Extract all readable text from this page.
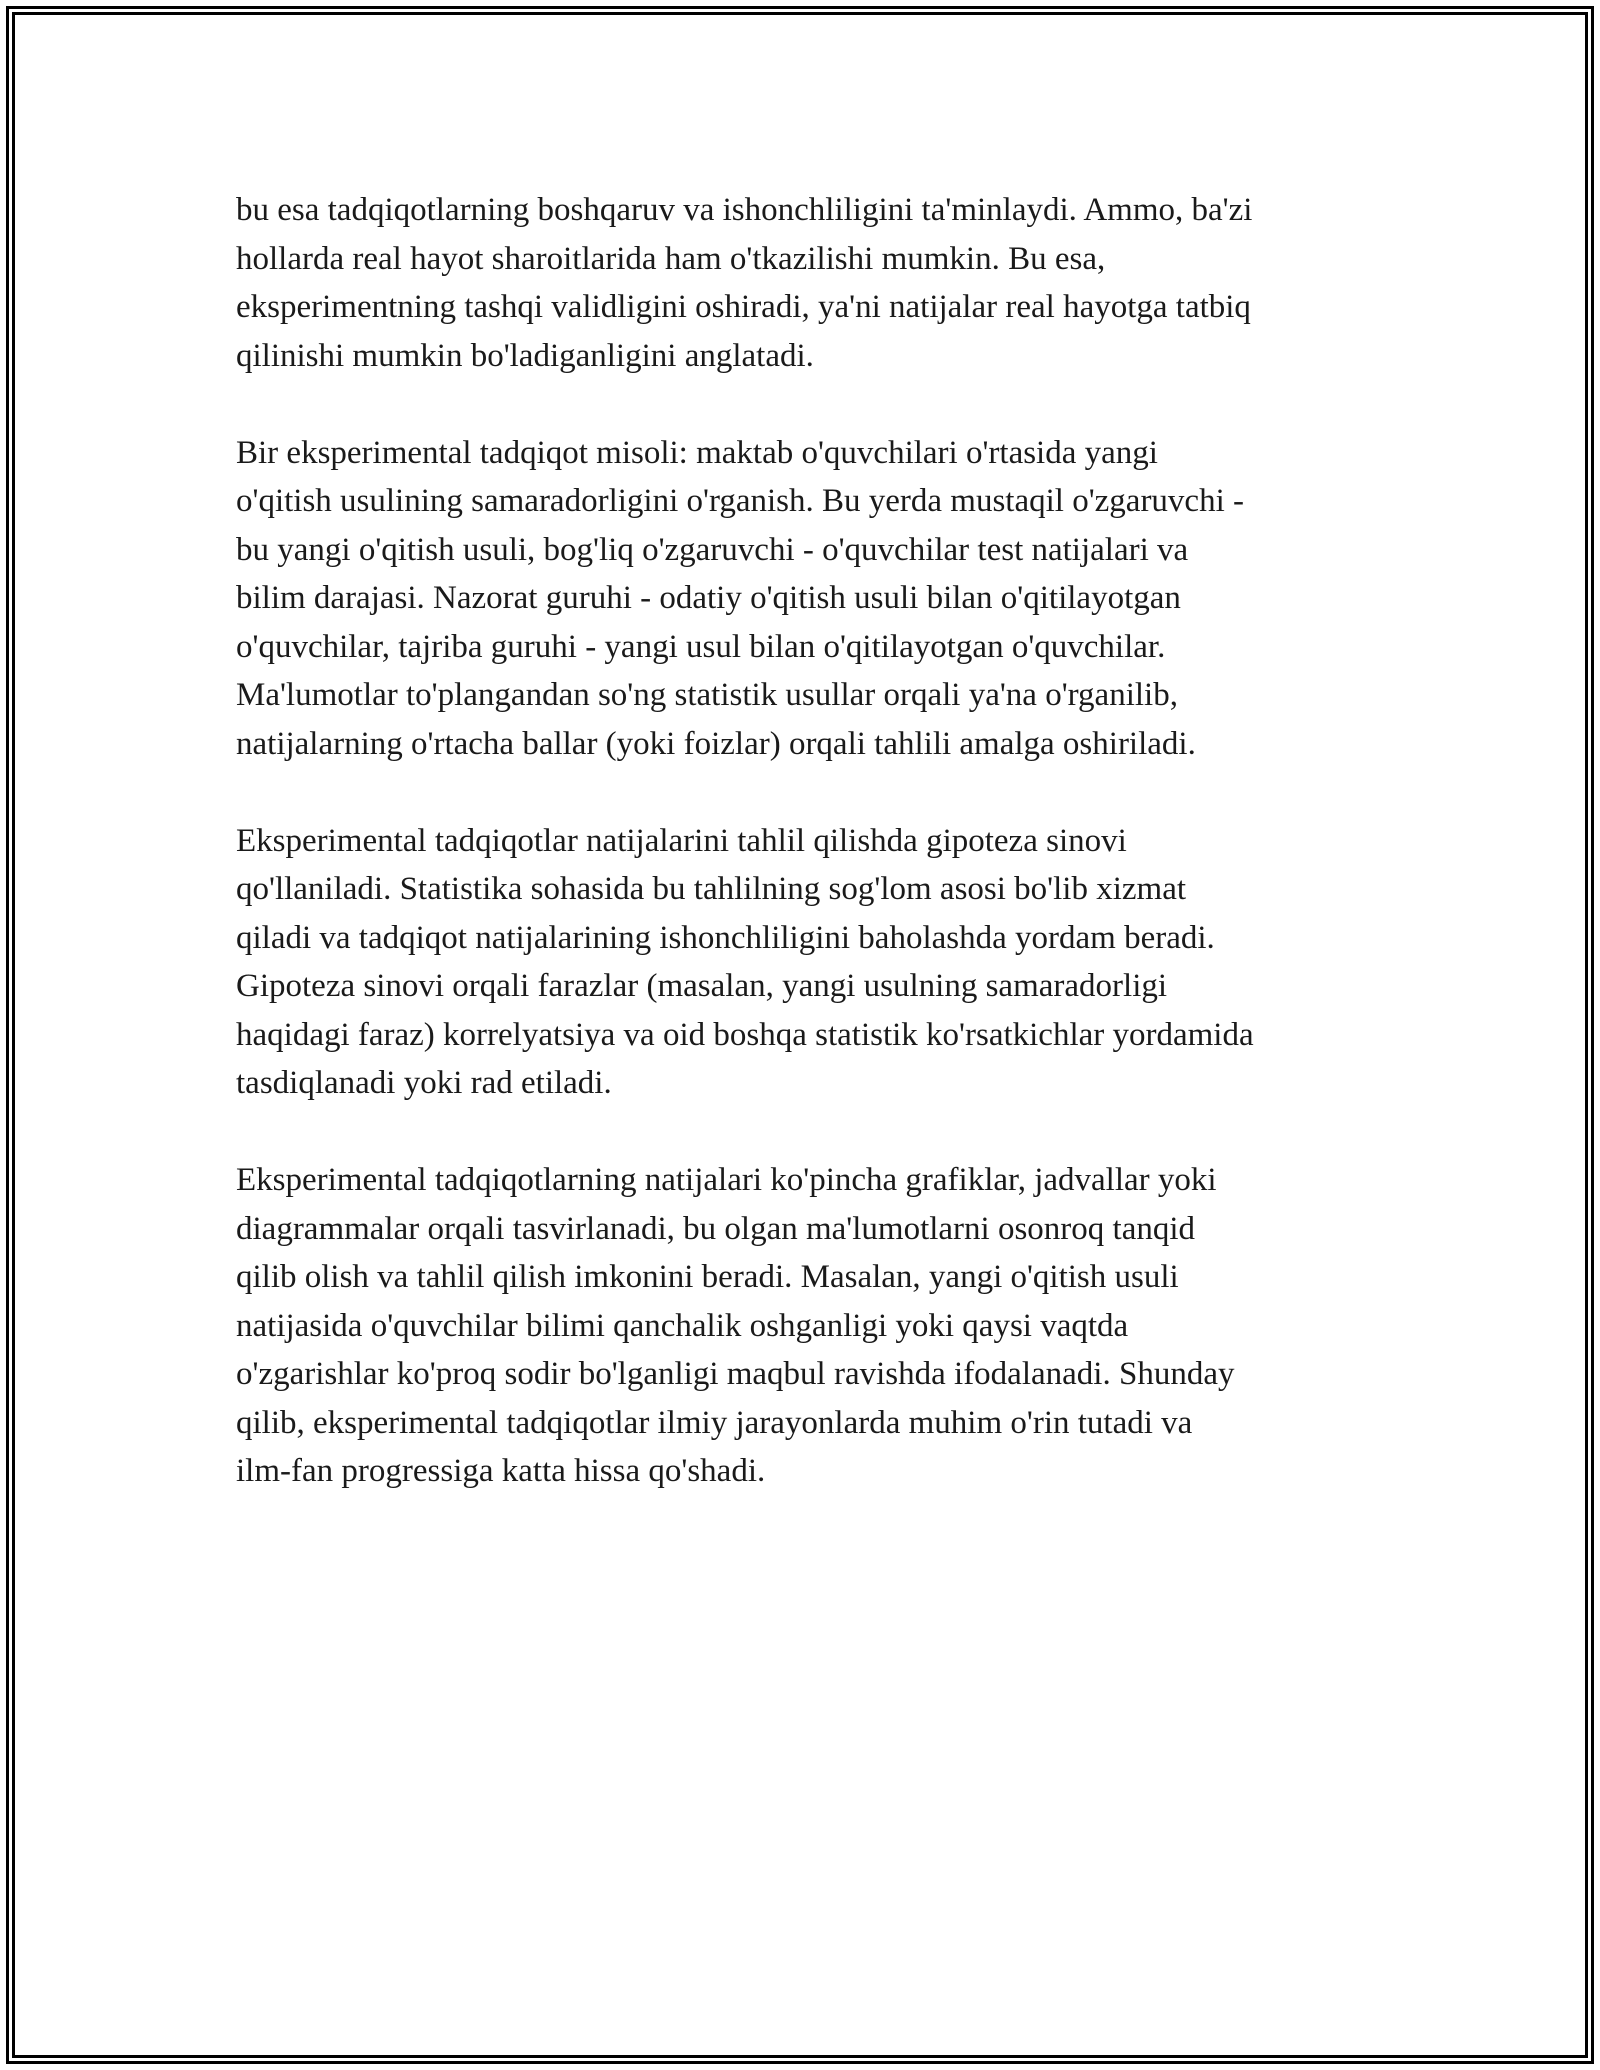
bu esa tadqiqotlarning boshqaruv va ishonchliligini ta'minlaydi. Ammo, ba'zi
hollarda real hayot sharoitlarida ham o'tkazilishi mumkin. Bu esa,
eksperimentning tashqi validligini oshiradi, ya'ni natijalar real hayotga tatbiq
qilinishi mumkin bo'ladiganligini anglatadi.

Bir eksperimental tadqiqot misoli: maktab o'quvchilari o'rtasida yangi
o'qitish usulining samaradorligini o'rganish. Bu yerda mustaqil o'zgaruvchi -
bu yangi o'qitish usuli, bog'liq o'zgaruvchi - o'quvchilar test natijalari va
bilim darajasi. Nazorat guruhi - odatiy o'qitish usuli bilan o'qitilayotgan
o'quvchilar, tajriba guruhi - yangi usul bilan o'qitilayotgan o'quvchilar.
Ma'lumotlar to'plangandan so'ng statistik usullar orqali ya'na o'rganilib,
natijalarning o'rtacha ballar (yoki foizlar) orqali tahlili amalga oshiriladi.

Eksperimental tadqiqotlar natijalarini tahlil qilishda gipoteza sinovi
qo'llaniladi. Statistika sohasida bu tahlilning sog'lom asosi bo'lib xizmat
qiladi va tadqiqot natijalarining ishonchliligini baholashda yordam beradi.
Gipoteza sinovi orqali farazlar (masalan, yangi usulning samaradorligi
haqidagi faraz) korrelyatsiya va oid boshqa statistik ko'rsatkichlar yordamida
tasdiqlanadi yoki rad etiladi.

Eksperimental tadqiqotlarning natijalari ko'pincha grafiklar, jadvallar yoki
diagrammalar orqali tasvirlanadi, bu olgan ma'lumotlarni osonroq tanqid
qilib olish va tahlil qilish imkonini beradi. Masalan, yangi o'qitish usuli
natijasida o'quvchilar bilimi qanchalik oshganligi yoki qaysi vaqtda
o'zgarishlar ko'proq sodir bo'lganligi maqbul ravishda ifodalanadi. Shunday
qilib, eksperimental tadqiqotlar ilmiy jarayonlarda muhim o'rin tutadi va
ilm-fan progressiga katta hissa qo'shadi.
